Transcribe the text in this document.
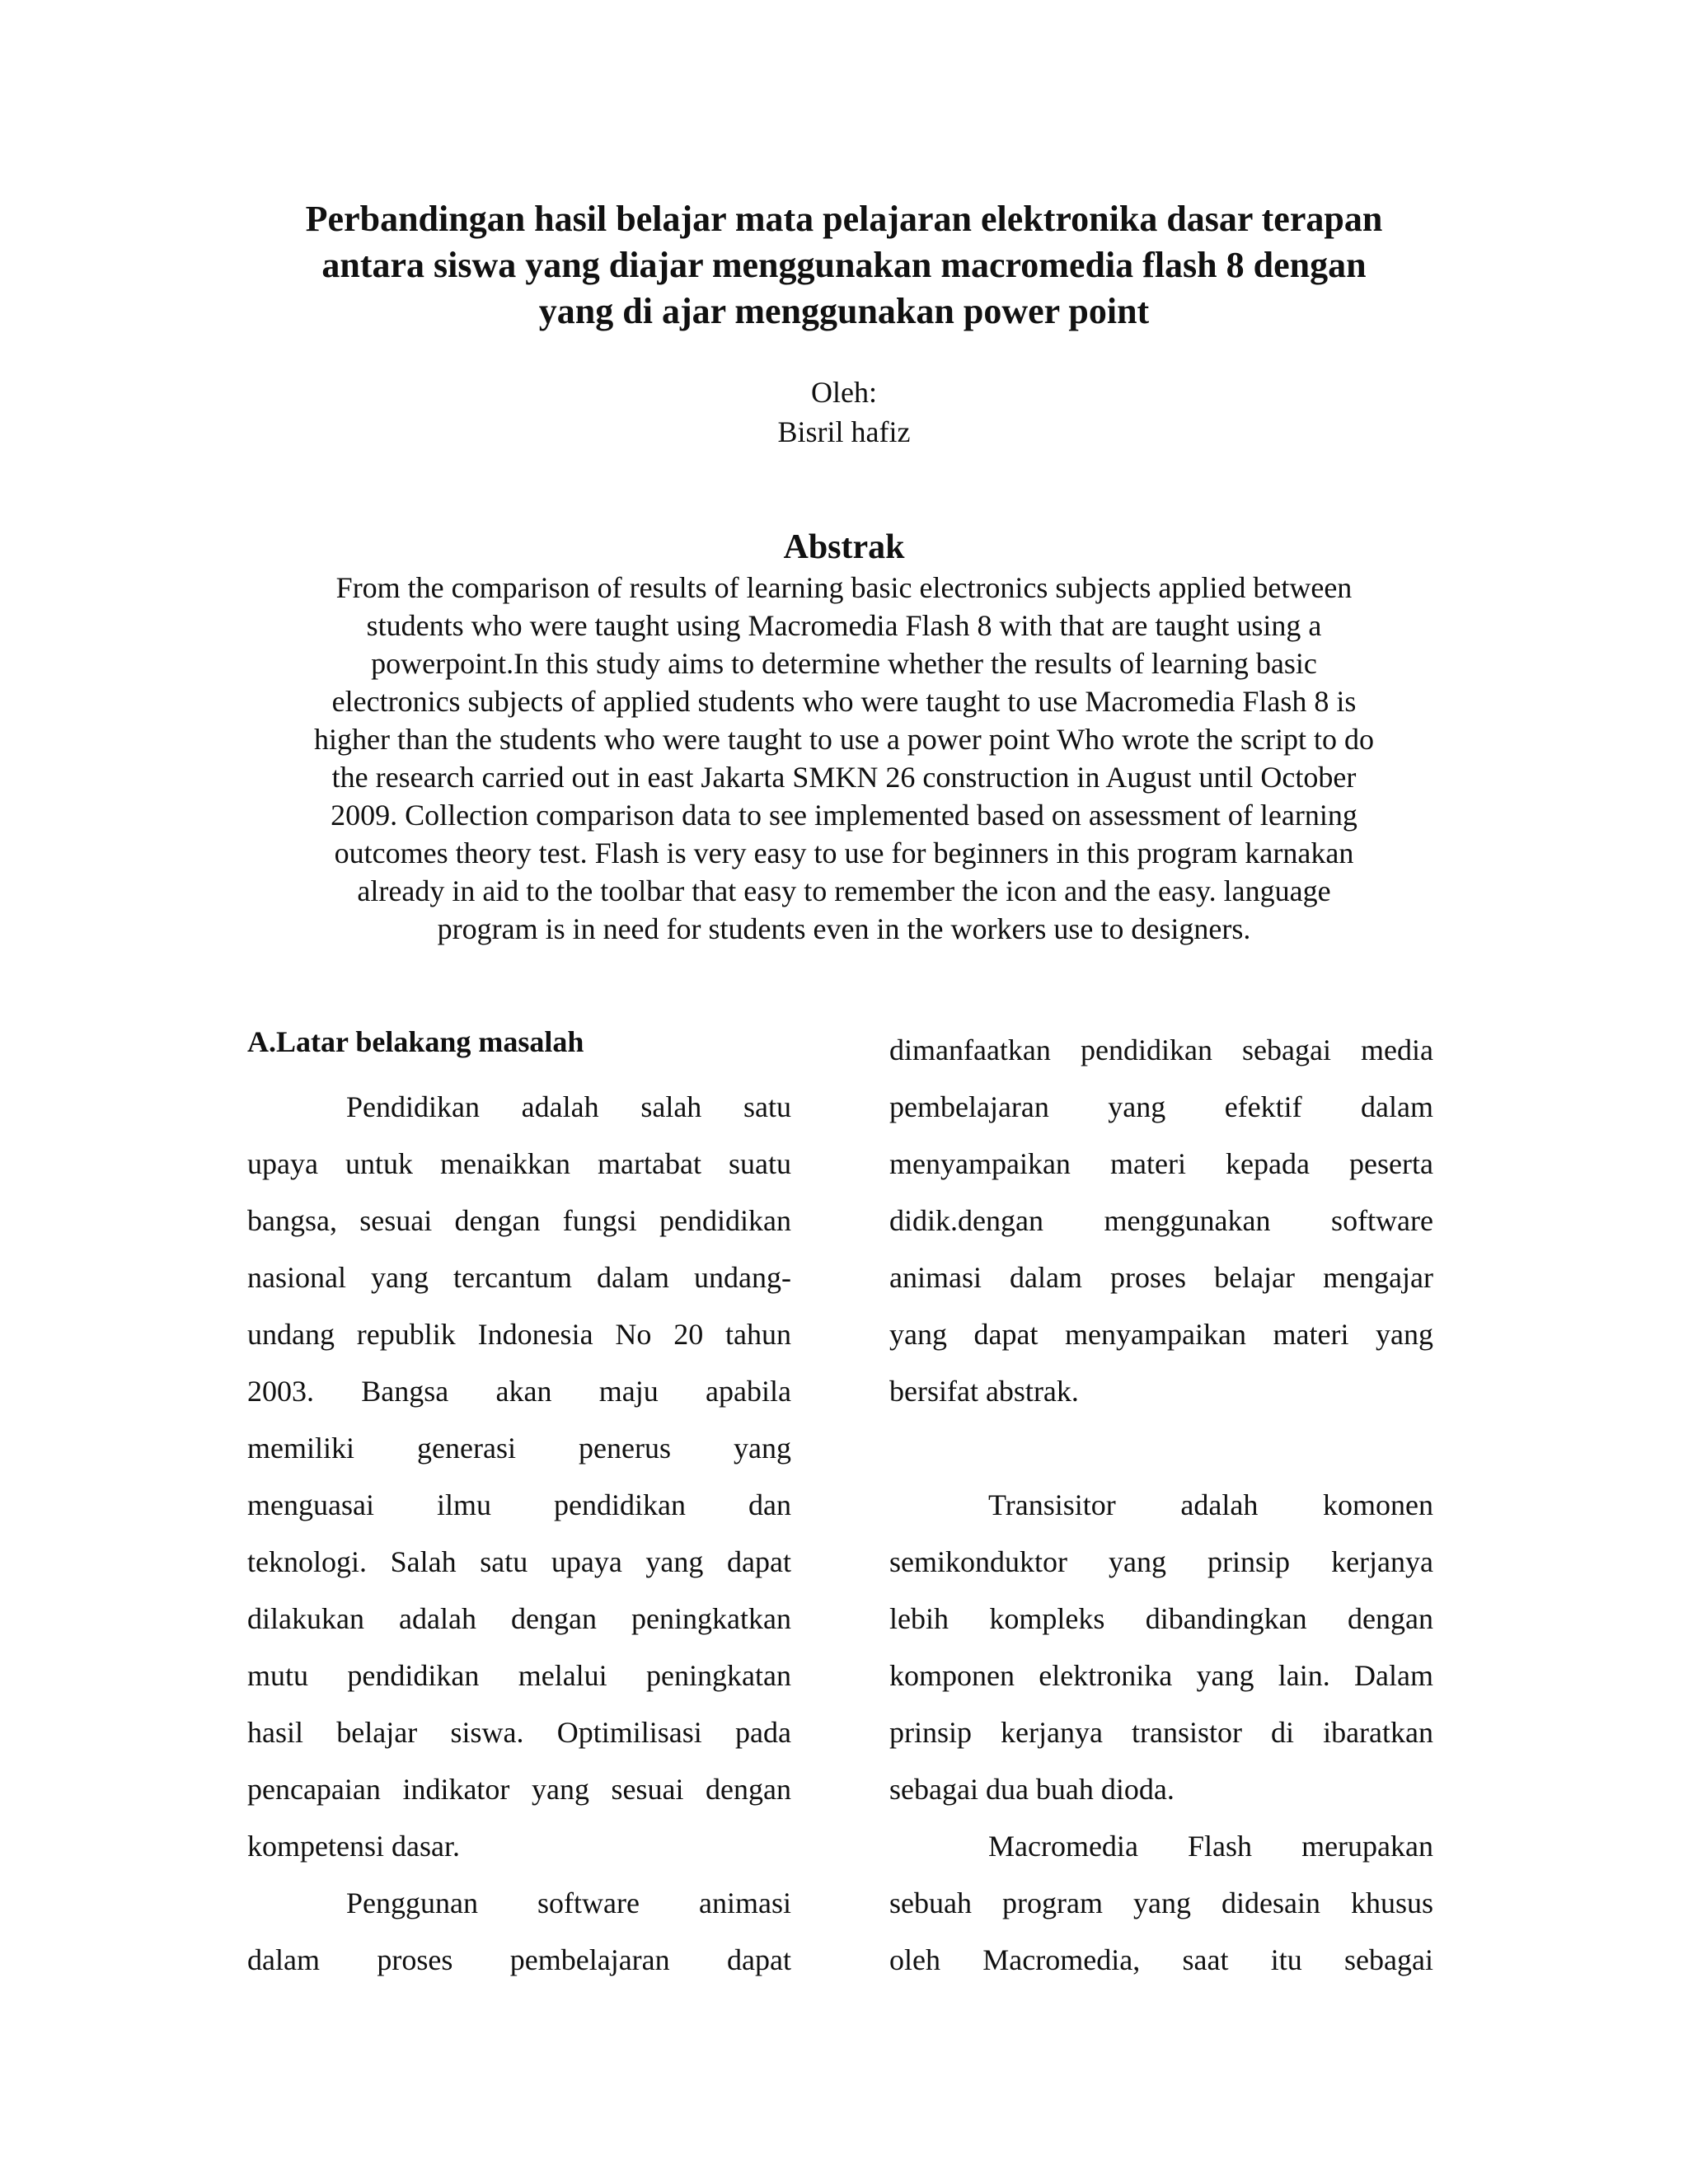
Perbandingan hasil belajar mata pelajaran elektronika dasar terapan
antara siswa yang diajar menggunakan macromedia flash 8 dengan
yang di ajar menggunakan power point
Oleh:
Bisril hafiz
Abstrak
From the comparison of results of learning basic electronics subjects applied between
students who were taught using Macromedia Flash 8 with that are taught using a
powerpoint.In this study aims to determine whether the results of learning basic
electronics subjects of applied students who were taught to use Macromedia Flash 8 is
higher than the students who were taught to use a power point Who wrote the script to do
the research carried out in east Jakarta SMKN 26 construction in August until October
2009. Collection comparison data to see implemented based on assessment of learning
outcomes theory test. Flash is very easy to use for beginners in this program karnakan
already in aid to the toolbar that easy to remember the icon and the easy. language
program is in need for students even in the workers use to designers.
A.Latar belakang masalah
Pendidikan adalah salah satu
upaya untuk menaikkan martabat suatu
bangsa, sesuai dengan fungsi pendidikan
nasional yang tercantum dalam undang-
undang republik Indonesia No 20 tahun
2003. Bangsa akan maju apabila
memiliki generasi penerus yang
menguasai ilmu pendidikan dan
teknologi. Salah satu upaya yang dapat
dilakukan adalah dengan peningkatkan
mutu pendidikan melalui peningkatan
hasil belajar siswa. Optimilisasi pada
pencapaian indikator yang sesuai dengan
kompetensi dasar.
Penggunan software animasi
dalam proses pembelajaran dapat
dimanfaatkan pendidikan sebagai media
pembelajaran yang efektif dalam
menyampaikan materi kepada peserta
didik.dengan menggunakan software
animasi dalam proses belajar mengajar
yang dapat menyampaikan materi yang
bersifat abstrak.
Transisitor adalah komonen
semikonduktor yang prinsip kerjanya
lebih kompleks dibandingkan dengan
komponen elektronika yang lain. Dalam
prinsip kerjanya transistor di ibaratkan
sebagai dua buah dioda.
Macromedia Flash merupakan
sebuah program yang didesain khusus
oleh Macromedia, saat itu sebagai
